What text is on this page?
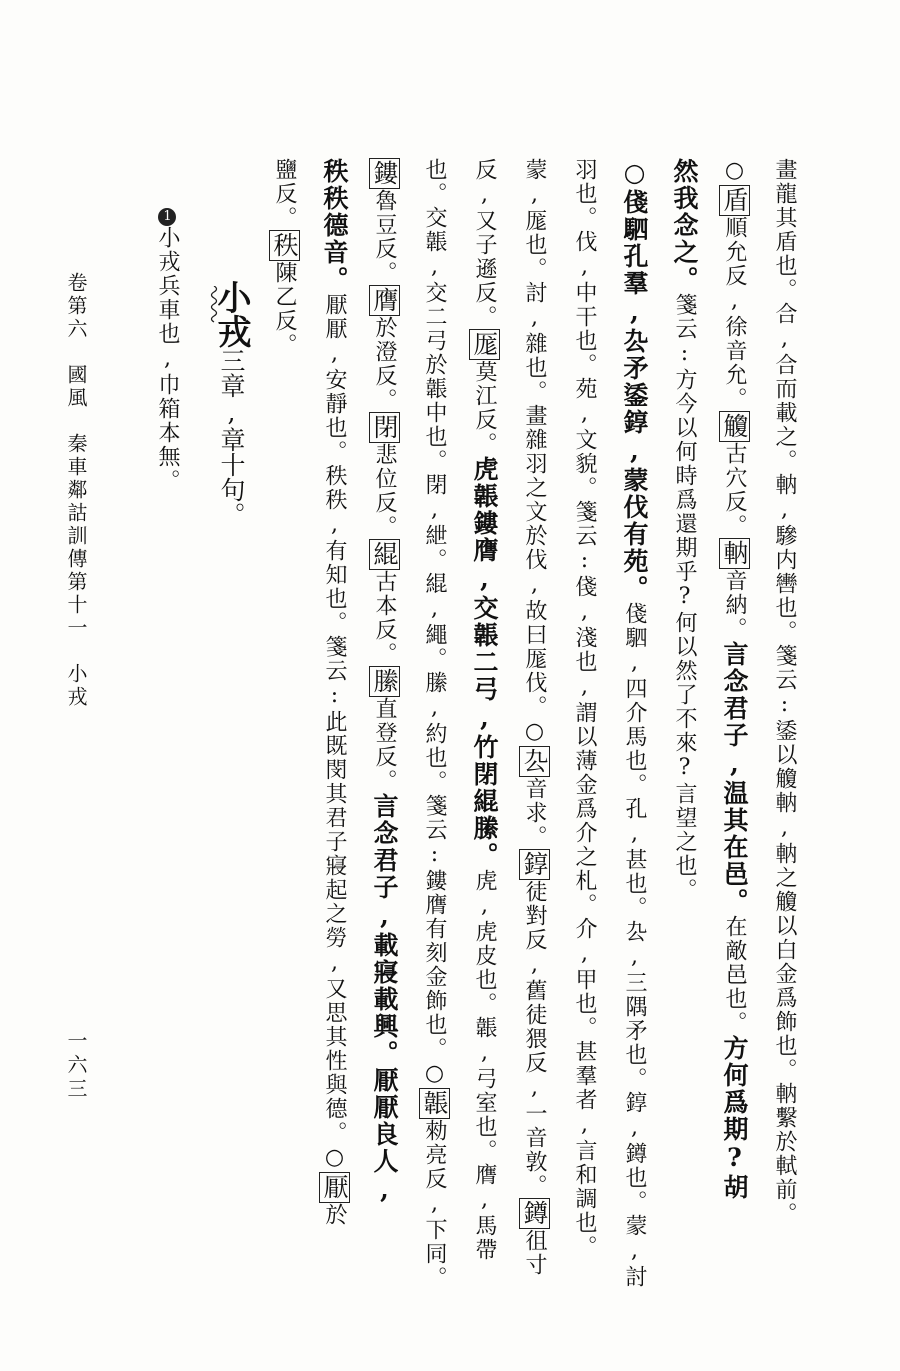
畫龍其盾也。合,合而載之。軜,驂内轡也。箋云:鋈以觼軜,軜之觼以白金爲飾也。軜繫於軾前。
○盾順允反,徐音允。觼古穴反。軜音納。言念君子,温其在邑。在敵邑也。方何爲期?胡
然我念之。箋云:方今以何時爲還期乎?何以然了不來?言望之也。
○俴駟孔羣,厹矛鋈錞,蒙伐有苑。俴駟,四介馬也。孔,甚也。厹,三隅矛也。錞,鐏也。蒙,討
羽也。伐,中干也。苑,文貌。箋云:俴,淺也,謂以薄金爲介之札。介,甲也。甚羣者,言和調也。
蒙,厖也。討,雜也。畫雜羽之文於伐,故曰厖伐。○厹音求。錞徒對反,舊徒猥反,一音敦。鐏徂寸
反,又子遜反。厖莫江反。虎韔鏤膺,交韔二弓,竹閉緄縢。虎,虎皮也。韔,弓室也。膺,馬帶
也。交韔,交二弓於韔中也。閉,紲。緄,繩。縢,約也。箋云:鏤膺有刻金飾也。○韔勑亮反,下同。
鏤魯豆反。膺於澄反。閉悲位反。緄古本反。縢直登反。言念君子,載寢載興。厭厭良人,
秩秩德音。厭厭,安靜也。秩秩,有知也。箋云:此既閔其君子寢起之勞,又思其性與德。○厭於
鹽反。秩陳乙反。
小戎三章,章十句。
1小戎兵車也,巾箱本無。
卷第六　國風　秦車鄰詁訓傳第十一　小戎
一六三
